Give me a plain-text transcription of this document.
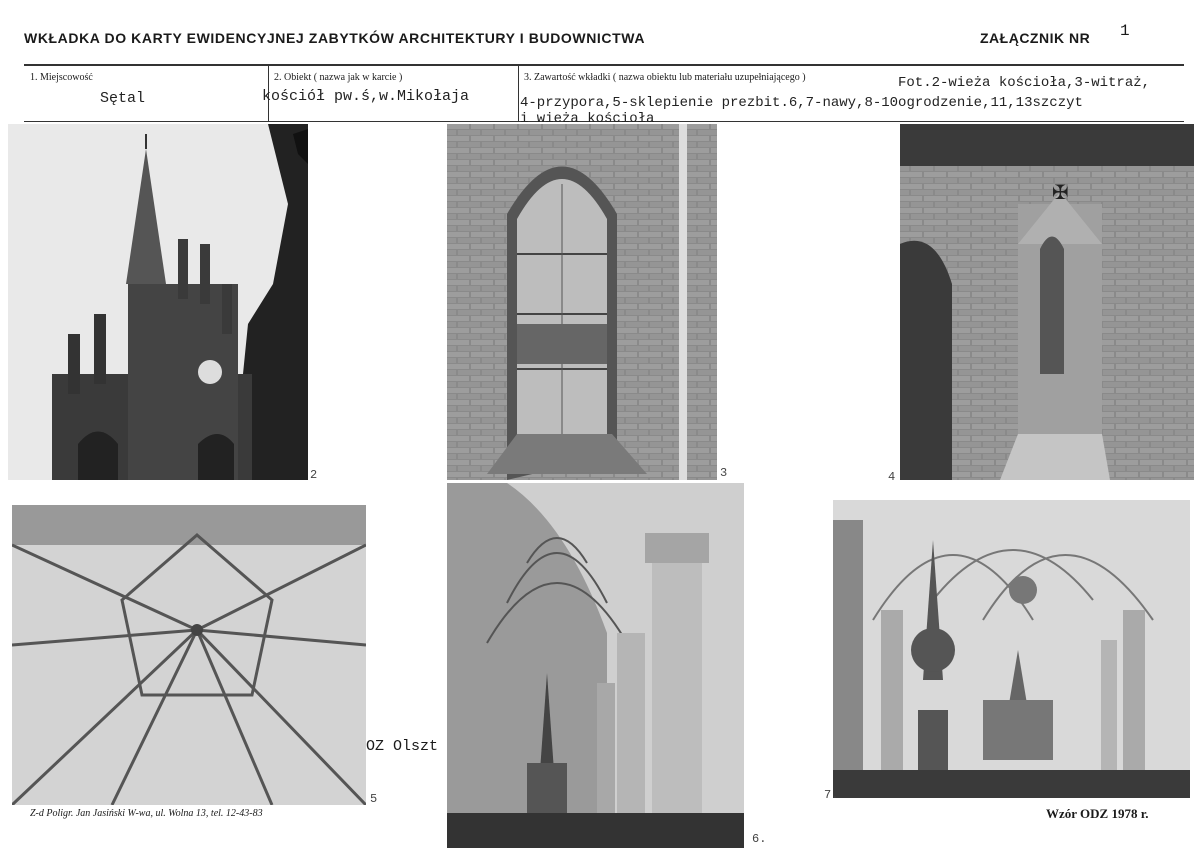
WKŁADKA DO KARTY EWIDENCYJNEJ ZABYTKÓW ARCHITEKTURY I BUDOWNICTWA	ZAŁĄCZNIK NR 1
1. Miejscowość
Sętal
2. Obiekt ( nazwa jak w karcie )
kościół pw.ś,w.Mikołaja
3. Zawartość wkładki ( nazwa obiektu lub materiału uzupełniającego )	Fot.2-wieża kościoła,3-witraż,
4-przypora,5-sklepienie prezbit.6,7-nawy,8-10ogrodzenie,11,13szczyt
i wieża kościoła
2	3
✠
4
5
OZ Olszt
6.
7.
Z-d Poligr. Jan Jasiński W-wa, ul. Wolna 13, tel. 12-43-83	Wzór ODZ 1978 r.
